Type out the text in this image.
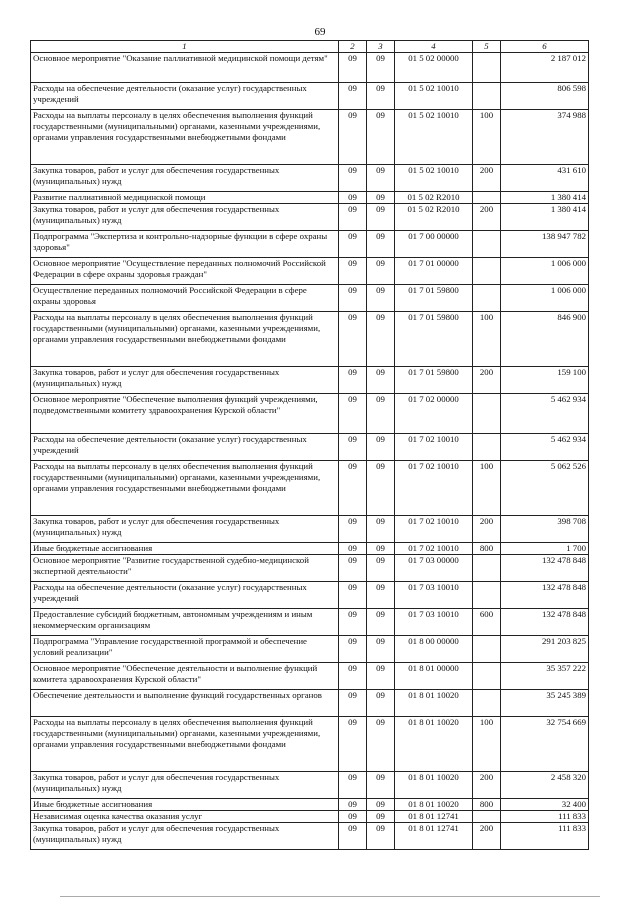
69
1	2	3	4	5	6
Основное мероприятие "Оказание паллиативной медицинской помощи детям"	09	09	01 5 02 00000		2 187 012
Расходы на обеспечение деятельности (оказание услуг) государственных учреждений	09	09	01 5 02 10010		806 598
Расходы на выплаты персоналу в целях обеспечения выполнения функций государственными (муниципальными) органами, казенными учреждениями, органами управления государственными внебюджетными фондами	09	09	01 5 02 10010	100	374 988
Закупка товаров, работ и услуг для обеспечения государственных (муниципальных) нужд	09	09	01 5 02 10010	200	431 610
Развитие паллиативной медицинской помощи	09	09	01 5 02 R2010		1 380 414
Закупка товаров, работ и услуг для обеспечения государственных (муниципальных) нужд	09	09	01 5 02 R2010	200	1 380 414
Подпрограмма "Экспертиза и контрольно-надзорные функции в сфере охраны здоровья"	09	09	01 7 00 00000		138 947 782
Основное мероприятие "Осуществление переданных полномочий Российской Федерации в сфере охраны здоровья граждан"	09	09	01 7 01 00000		1 006 000
Осуществление переданных полномочий Российской Федерации в сфере охраны здоровья	09	09	01 7 01 59800		1 006 000
Расходы на выплаты персоналу в целях обеспечения выполнения функций государственными (муниципальными) органами, казенными учреждениями, органами управления государственными внебюджетными фондами	09	09	01 7 01 59800	100	846 900
Закупка товаров, работ и услуг для обеспечения государственных (муниципальных) нужд	09	09	01 7 01 59800	200	159 100
Основное мероприятие "Обеспечение выполнения функций учреждениями, подведомственными комитету здравоохранения Курской области"	09	09	01 7 02 00000		5 462 934
Расходы на обеспечение деятельности (оказание услуг) государственных учреждений	09	09	01 7 02 10010		5 462 934
Расходы на выплаты персоналу в целях обеспечения выполнения функций государственными (муниципальными) органами, казенными учреждениями, органами управления государственными внебюджетными фондами	09	09	01 7 02 10010	100	5 062 526
Закупка товаров, работ и услуг для обеспечения государственных (муниципальных) нужд	09	09	01 7 02 10010	200	398 708
Иные бюджетные ассигнования	09	09	01 7 02 10010	800	1 700
Основное мероприятие "Развитие государственной судебно-медицинской экспертной деятельности"	09	09	01 7 03 00000		132 478 848
Расходы на обеспечение деятельности (оказание услуг) государственных учреждений	09	09	01 7 03 10010		132 478 848
Предоставление субсидий бюджетным, автономным учреждениям и иным некоммерческим организациям	09	09	01 7 03 10010	600	132 478 848
Подпрограмма "Управление государственной программой и обеспечение условий реализации"	09	09	01 8 00 00000		291 203 825
Основное мероприятие "Обеспечение деятельности и выполнение функций комитета здравоохранения Курской области"	09	09	01 8 01 00000		35 357 222
Обеспечение деятельности и выполнение функций государственных органов	09	09	01 8 01 10020		35 245 389
Расходы на выплаты персоналу в целях обеспечения выполнения функций государственными (муниципальными) органами, казенными учреждениями, органами управления государственными внебюджетными фондами	09	09	01 8 01 10020	100	32 754 669
Закупка товаров, работ и услуг для обеспечения государственных (муниципальных) нужд	09	09	01 8 01 10020	200	2 458 320
Иные бюджетные ассигнования	09	09	01 8 01 10020	800	32 400
Независимая оценка качества оказания услуг	09	09	01 8 01 12741		111 833
Закупка товаров, работ и услуг для обеспечения государственных (муниципальных) нужд	09	09	01 8 01 12741	200	111 833
